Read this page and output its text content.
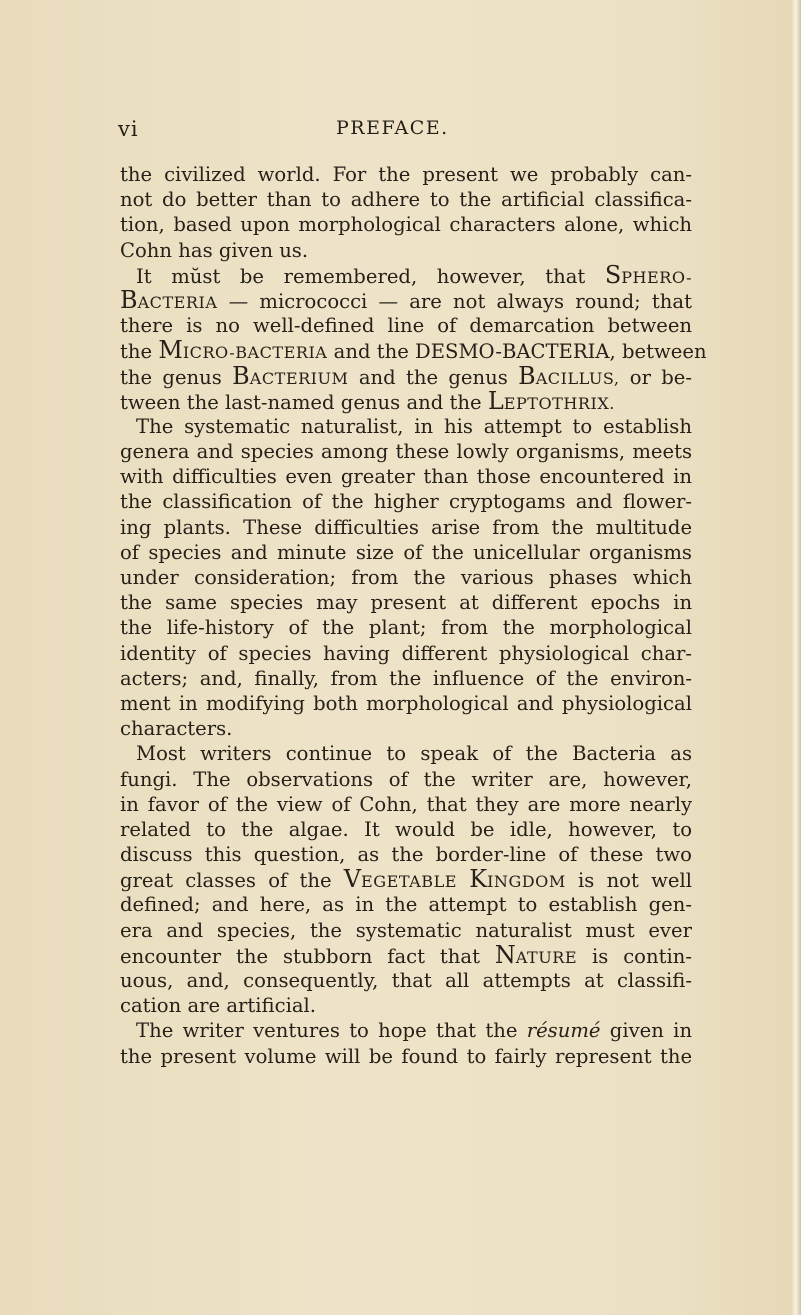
vi	PREFACE.
the civilized world. For the present we probably can-
not do better than to adhere to the artificial classifica-
tion, based upon morphological characters alone, which
Cohn has given us.
It mŭst be remembered, however, that SPHERO-
BACTERIA — micrococci — are not always round; that
there is no well-defined line of demarcation between
the MICRO-BACTERIA and the DESMO-BACTERIA, between
the genus BACTERIUM and the genus BACILLUS, or be-
tween the last-named genus and the LEPTOTHRIX.
The systematic naturalist, in his attempt to establish
genera and species among these lowly organisms, meets
with difficulties even greater than those encountered in
the classification of the higher cryptogams and flower-
ing plants. These difficulties arise from the multitude
of species and minute size of the unicellular organisms
under consideration; from the various phases which
the same species may present at different epochs in
the life-history of the plant; from the morphological
identity of species having different physiological char-
acters; and, finally, from the influence of the environ-
ment in modifying both morphological and physiological
characters.
Most writers continue to speak of the Bacteria as
fungi. The observations of the writer are, however,
in favor of the view of Cohn, that they are more nearly
related to the algae. It would be idle, however, to
discuss this question, as the border-line of these two
great classes of the VEGETABLE KINGDOM is not well
defined; and here, as in the attempt to establish gen-
era and species, the systematic naturalist must ever
encounter the stubborn fact that NATURE is contin-
uous, and, consequently, that all attempts at classifi-
cation are artificial.
The writer ventures to hope that the résumé given in
the present volume will be found to fairly represent the
